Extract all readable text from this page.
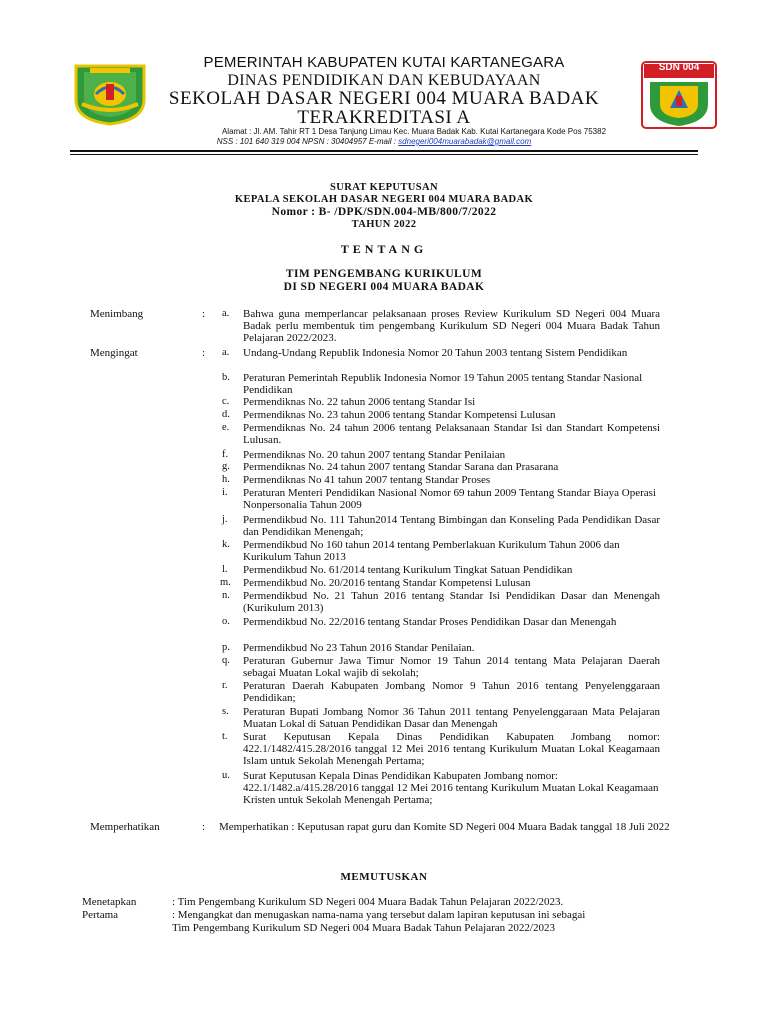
SDN 004
PEMERINTAH KABUPATEN KUTAI KARTANEGARA
DINAS PENDIDIKAN DAN KEBUDAYAAN
SEKOLAH DASAR NEGERI 004 MUARA BADAK
TERAKREDITASI A
Alamat : Jl. AM. Tahir RT 1 Desa Tanjung Limau Kec. Muara Badak Kab. Kutai Kartanegara Kode Pos 75382
NSS : 101 640 319 004 NPSN : 30404957 E-mail : sdnegeri004muarabadak@gmail.com
SURAT KEPUTUSAN
KEPALA SEKOLAH DASAR NEGERI 004 MUARA BADAK
Nomor : B- /DPK/SDN.004-MB/800/7/2022
TAHUN 2022
TENTANG
TIM PENGEMBANG KURIKULUM
DI SD NEGERI 004 MUARA BADAK
Menimbang	: a. Bahwa guna memperlancar pelaksanaan proses Review Kurikulum SD Negeri 004 Muara Badak perlu membentuk tim pengembang Kurikulum SD Negeri 004 Muara Badak Tahun Pelajaran 2022/2023.
Mengingat	: a. Undang-Undang Republik Indonesia Nomor 20 Tahun 2003 tentang Sistem Pendidikan
b. Peraturan Pemerintah Republik Indonesia Nomor 19 Tahun 2005 tentang Standar Nasional Pendidikan
c. Permendiknas No. 22 tahun 2006 tentang Standar Isi
d. Permendiknas No. 23 tahun 2006 tentang Standar Kompetensi Lulusan
e. Permendiknas No. 24 tahun 2006 tentang Pelaksanaan Standar Isi dan Standart Kompetensi Lulusan.
f. Permendiknas No. 20 tahun 2007 tentang Standar Penilaian
g. Permendiknas No. 24 tahun 2007 tentang Standar Sarana dan Prasarana
h. Permendiknas No 41 tahun 2007 tentang Standar Proses
i. Peraturan Menteri Pendidikan Nasional Nomor 69 tahun 2009 Tentang Standar Biaya Operasi Nonpersonalia Tahun 2009
j. Permendikbud No. 111 Tahun2014 Tentang Bimbingan dan Konseling Pada Pendidikan Dasar dan Pendidikan Menengah;
k. Permendikbud No 160 tahun 2014 tentang Pemberlakuan Kurikulum Tahun 2006 dan Kurikulum Tahun 2013
l. Permendikbud No. 61/2014 tentang Kurikulum Tingkat Satuan Pendidikan
m. Permendikbud No. 20/2016 tentang Standar Kompetensi Lulusan
n. Permendikbud No. 21 Tahun 2016 tentang Standar Isi Pendidikan Dasar dan Menengah (Kurikulum 2013)
o. Permendikbud No. 22/2016 tentang Standar Proses Pendidikan Dasar dan Menengah
p. Permendikbud No 23 Tahun 2016 Standar Penilaian.
q. Peraturan Gubernur Jawa Timur Nomor 19 Tahun 2014 tentang Mata Pelajaran Daerah sebagai Muatan Lokal wajib di sekolah;
r. Peraturan Daerah Kabupaten Jombang Nomor 9 Tahun 2016 tentang Penyelenggaraan Pendidikan;
s. Peraturan Bupati Jombang Nomor 36 Tahun 2011 tentang Penyelenggaraan Mata Pelajaran Muatan Lokal di Satuan Pendidikan Dasar dan Menengah
t. Surat Keputusan Kepala Dinas Pendidikan Kabupaten Jombang nomor: 422.1/1482/415.28/2016 tanggal 12 Mei 2016 tentang Kurikulum Muatan Lokal Keagamaan Islam untuk Sekolah Menengah Pertama;
u. Surat Keputusan Kepala Dinas Pendidikan Kabupaten Jombang nomor: 422.1/1482.a/415.28/2016 tanggal 12 Mei 2016 tentang Kurikulum Muatan Lokal Keagamaan Kristen untuk Sekolah Menengah Pertama;
Memperhatikan	: Memperhatikan : Keputusan rapat guru dan Komite SD Negeri 004 Muara Badak tanggal 18 Juli 2022
MEMUTUSKAN
Menetapkan	: Tim Pengembang Kurikulum SD Negeri 004 Muara Badak Tahun Pelajaran 2022/2023.
Pertama	: Mengangkat dan menugaskan nama-nama yang tersebut dalam lapiran keputusan ini sebagai
Tim Pengembang Kurikulum SD Negeri 004 Muara Badak Tahun Pelajaran 2022/2023
